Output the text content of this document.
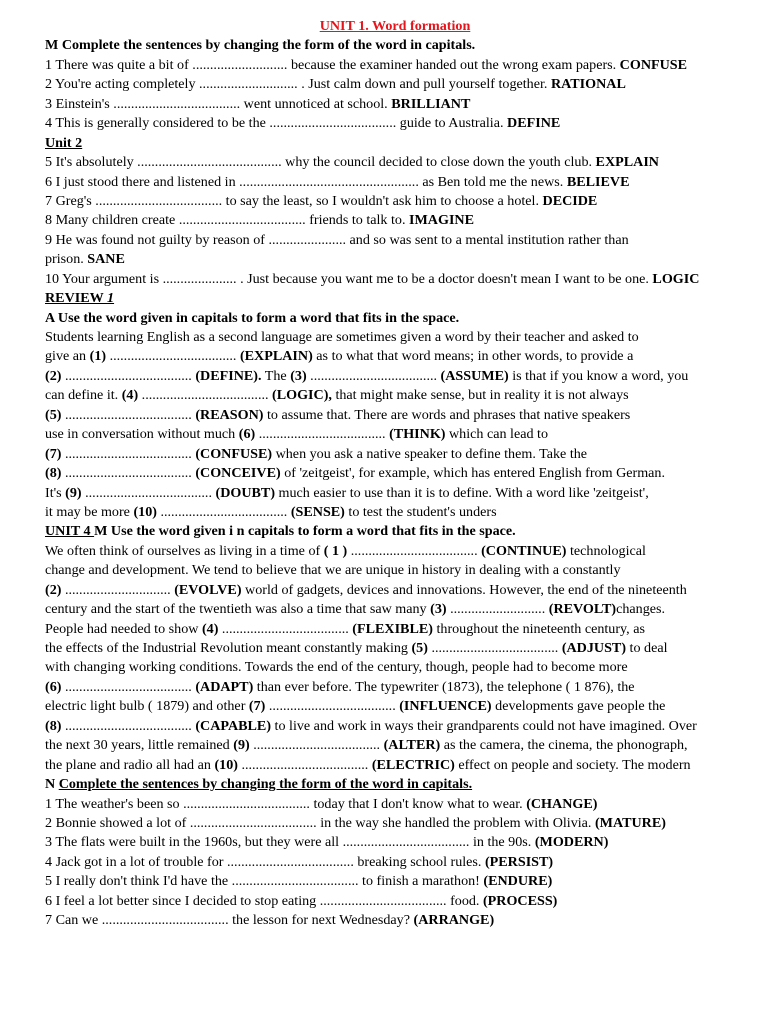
UNIT 1. Word formation
M Complete the sentences by changing the form of the word in capitals.
1 There was quite a bit of ........................... because the examiner handed out the wrong exam papers. CONFUSE
2 You're acting completely ............................ . Just calm down and pull yourself together. RATIONAL
3 Einstein's .................................... went unnoticed at school. BRILLIANT
4 This is generally considered to be the .................................... guide to Australia. DEFINE
Unit 2
5 It's absolutely ......................................... why the council decided to close down the youth club. EXPLAIN
6 I just stood there and listened in ................................................... as Ben told me the news. BELIEVE
7 Greg's .................................... to say the least, so I wouldn't ask him to choose a hotel. DECIDE
8 Many children create .................................... friends to talk to. IMAGINE
9 He was found not guilty by reason of ...................... and so was sent to a mental institution rather than
prison. SANE
10 Your argument is ..................... . Just because you want me to be a doctor doesn't mean I want to be one. LOGIC
REVIEW 1
A Use the word given in capitals to form a word that fits in the space.
Students learning English as a second language are sometimes given a word by their teacher and asked to
give an (1) .................................... (EXPLAIN) as to what that word means; in other words, to provide a
(2) .................................... (DEFINE). The (3) .................................... (ASSUME) is that if you know a word, you
can define it. (4) .................................... (LOGIC), that might make sense, but in reality it is not always
(5) .................................... (REASON) to assume that. There are words and phrases that native speakers
use in conversation without much (6) .................................... (THINK) which can lead to
(7) .................................... (CONFUSE) when you ask a native speaker to define them. Take the
(8) .................................... (CONCEIVE) of 'zeitgeist', for example, which has entered English from German.
It's (9) .................................... (DOUBT) much easier to use than it is to define. With a word like 'zeitgeist',
it may be more (10) .................................... (SENSE) to test the student's unders
UNIT 4 M Use the word given i n capitals to form a word that fits in the space.
We often think of ourselves as living in a time of ( 1 ) .................................... (CONTINUE) technological
change and development. We tend to believe that we are unique in history in dealing with a constantly
(2) .............................. (EVOLVE) world of gadgets, devices and innovations. However, the end of the nineteenth
century and the start of the twentieth was also a time that saw many (3) ........................... (REVOLT)changes.
People had needed to show (4) .................................... (FLEXIBLE) throughout the nineteenth century, as
the effects of the Industrial Revolution meant constantly making (5) .................................... (ADJUST) to deal
with changing working conditions. Towards the end of the century, though, people had to become more
(6) .................................... (ADAPT) than ever before. The typewriter (1873), the telephone ( 1 876), the
electric light bulb ( 1879) and other (7) .................................... (INFLUENCE) developments gave people the
(8) .................................... (CAPABLE) to live and work in ways their grandparents could not have imagined. Over
the next 30 years, little remained (9) .................................... (ALTER) as the camera, the cinema, the phonograph,
the plane and radio all had an (10) .................................... (ELECTRIC) effect on people and society. The modern
N Complete the sentences by changing the form of the word in capitals.
1 The weather's been so .................................... today that I don't know what to wear. (CHANGE)
2 Bonnie showed a lot of .................................... in the way she handled the problem with Olivia. (MATURE)
3 The flats were built in the 1960s, but they were all .................................... in the 90s. (MODERN)
4 Jack got in a lot of trouble for .................................... breaking school rules. (PERSIST)
5 I really don't think I'd have the .................................... to finish a marathon! (ENDURE)
6 I feel a lot better since I decided to stop eating .................................... food. (PROCESS)
7 Can we .................................... the lesson for next Wednesday? (ARRANGE)
